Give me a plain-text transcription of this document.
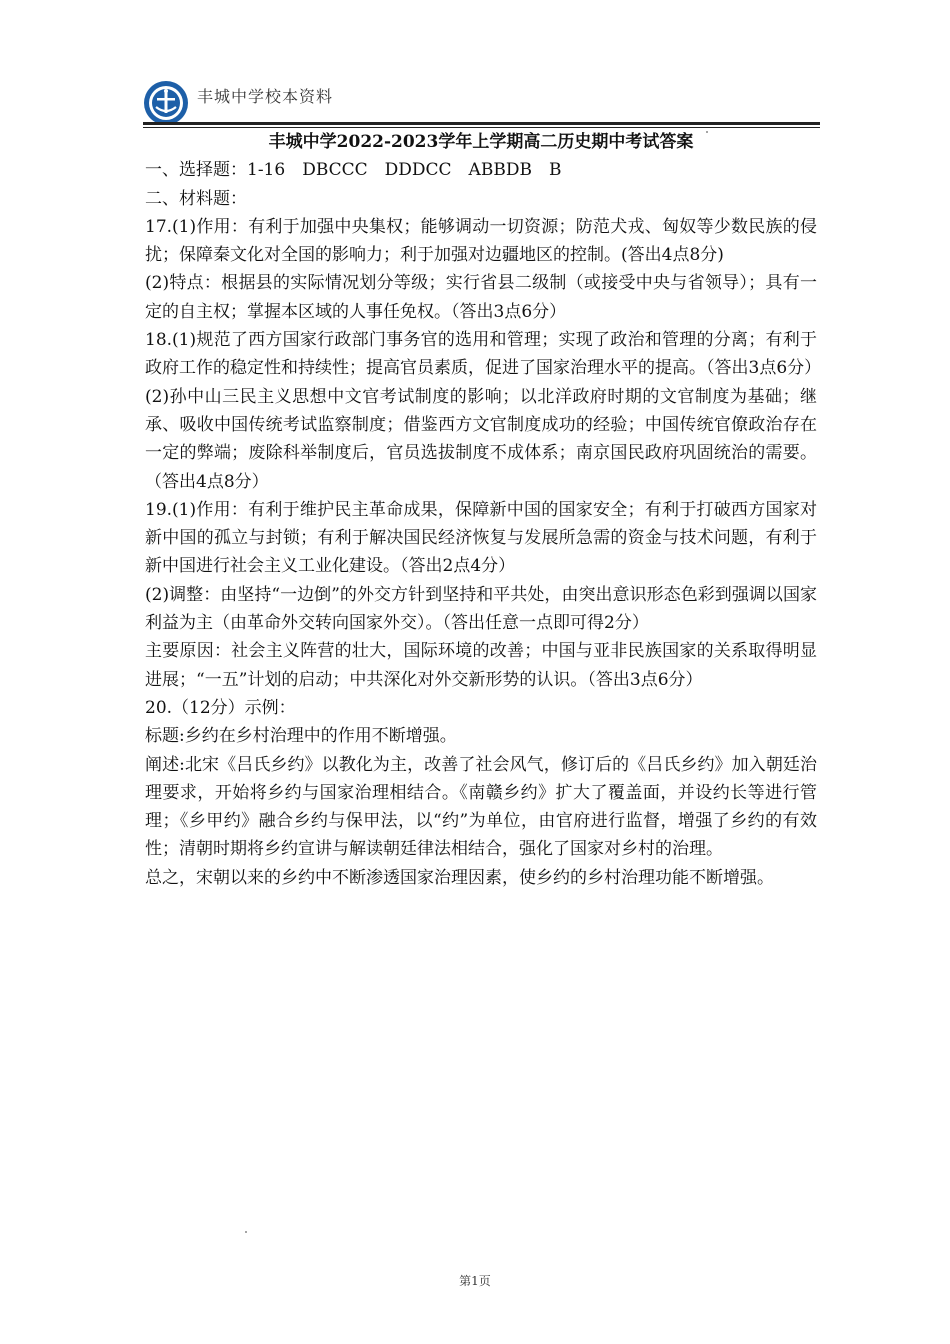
丰城中学校本资料

丰城中学2022-2023学年上学期高二历史期中考试答案

一、选择题：1-16　DBCCC　DDDCC　ABBDB　B

二、材料题：

17.(1)作用：有利于加强中央集权；能够调动一切资源；防范犬戎、匈奴等少数民族的侵扰；保障秦文化对全国的影响力；利于加强对边疆地区的控制。(答出4点8分)

(2)特点：根据县的实际情况划分等级；实行省县二级制（或接受中央与省领导）；具有一定的自主权；掌握本区域的人事任免权。（答出3点6分）

18.(1)规范了西方国家行政部门事务官的选用和管理；实现了政治和管理的分离；有利于政府工作的稳定性和持续性；提高官员素质，促进了国家治理水平的提高。（答出3点6分）

(2)孙中山三民主义思想中文官考试制度的影响；以北洋政府时期的文官制度为基础；继承、吸收中国传统考试监察制度；借鉴西方文官制度成功的经验；中国传统官僚政治存在一定的弊端；废除科举制度后，官员选拔制度不成体系；南京国民政府巩固统治的需要。（答出4点8分）

19.(1)作用：有利于维护民主革命成果，保障新中国的国家安全；有利于打破西方国家对新中国的孤立与封锁；有利于解决国民经济恢复与发展所急需的资金与技术问题，有利于新中国进行社会主义工业化建设。（答出2点4分）

(2)调整：由坚持“一边倒”的外交方针到坚持和平共处，由突出意识形态色彩到强调以国家利益为主（由革命外交转向国家外交）。（答出任意一点即可得2分）

主要原因：社会主义阵营的壮大，国际环境的改善；中国与亚非民族国家的关系取得明显进展；“一五”计划的启动；中共深化对外交新形势的认识。（答出3点6分）

20.（12分）示例：

标题:乡约在乡村治理中的作用不断增强。

阐述:北宋《吕氏乡约》以教化为主，改善了社会风气，修订后的《吕氏乡约》加入朝廷治理要求，开始将乡约与国家治理相结合。《南赣乡约》扩大了覆盖面，并设约长等进行管理；《乡甲约》融合乡约与保甲法，以“约”为单位，由官府进行监督，增强了乡约的有效性；清朝时期将乡约宣讲与解读朝廷律法相结合，强化了国家对乡村的治理。

总之，宋朝以来的乡约中不断渗透国家治理因素，使乡约的乡村治理功能不断增强。

第1页
